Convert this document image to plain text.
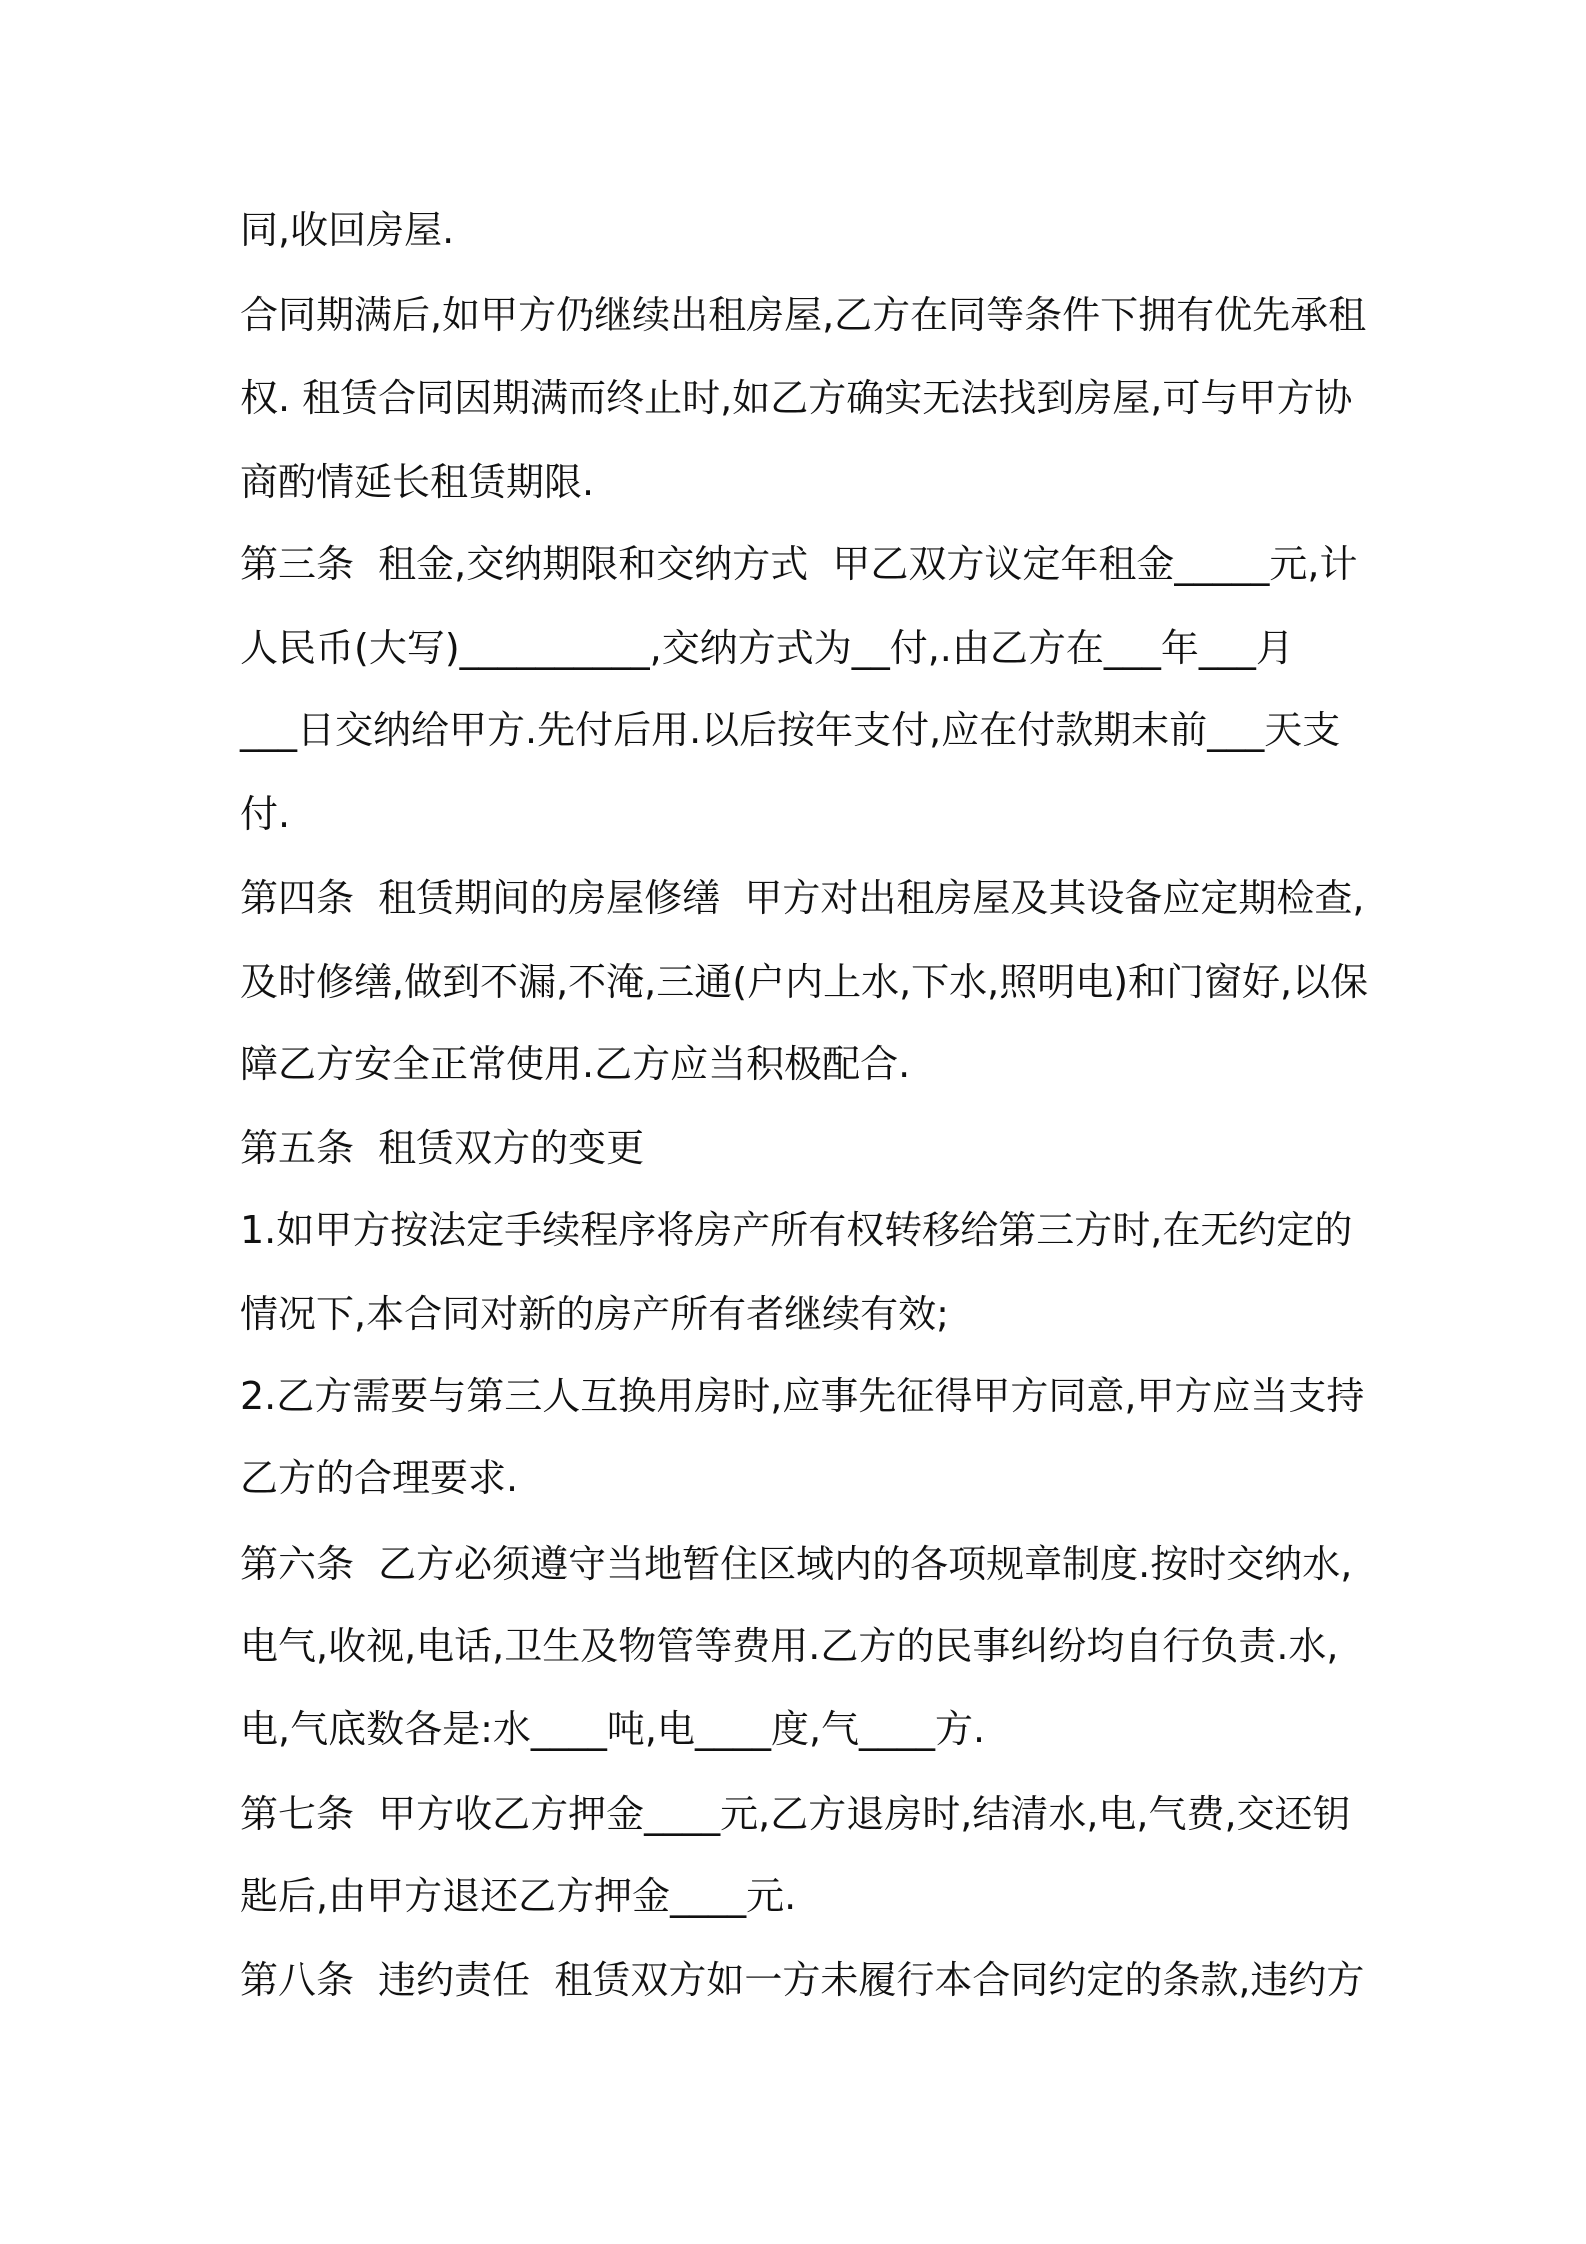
同,收回房屋.
合同期满后,如甲方仍继续出租房屋,乙方在同等条件下拥有优先承租
权. 租赁合同因期满而终止时,如乙方确实无法找到房屋,可与甲方协
商酌情延长租赁期限.
第三条  租金,交纳期限和交纳方式  甲乙双方议定年租金_____元,计
人民币(大写)__________,交纳方式为__付,.由乙方在___年___月
___日交纳给甲方.先付后用.以后按年支付,应在付款期末前___天支
付.
第四条  租赁期间的房屋修缮  甲方对出租房屋及其设备应定期检查,
及时修缮,做到不漏,不淹,三通(户内上水,下水,照明电)和门窗好,以保
障乙方安全正常使用.乙方应当积极配合.
第五条  租赁双方的变更
1.如甲方按法定手续程序将房产所有权转移给第三方时,在无约定的
情况下,本合同对新的房产所有者继续有效;
2.乙方需要与第三人互换用房时,应事先征得甲方同意,甲方应当支持
乙方的合理要求.
第六条  乙方必须遵守当地暂住区域内的各项规章制度.按时交纳水,
电气,收视,电话,卫生及物管等费用.乙方的民事纠纷均自行负责.水,
电,气底数各是:水____吨,电____度,气____方.
第七条  甲方收乙方押金____元,乙方退房时,结清水,电,气费,交还钥
匙后,由甲方退还乙方押金____元.
第八条  违约责任  租赁双方如一方未履行本合同约定的条款,违约方
